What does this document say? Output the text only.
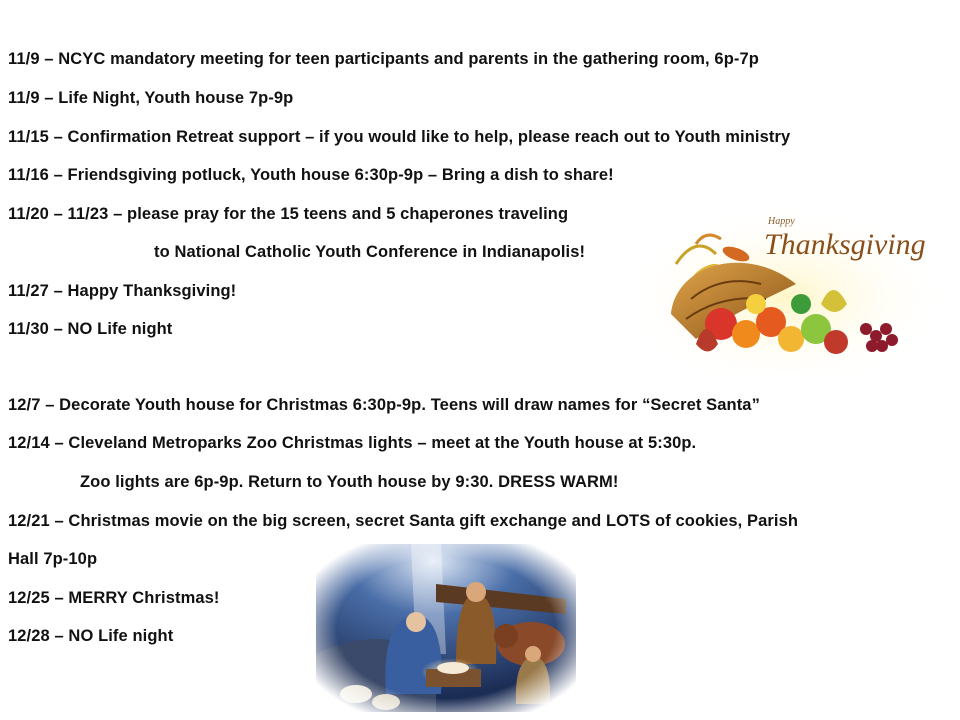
11/9 – NCYC mandatory meeting for teen participants and parents in the gathering room, 6p-7p
11/9 – Life Night, Youth house 7p-9p
11/15 – Confirmation Retreat support – if you would like to help, please reach out to Youth ministry
11/16 – Friendsgiving potluck, Youth house 6:30p-9p – Bring a dish to share!
11/20 – 11/23 – please pray for the 15 teens and 5 chaperones traveling
to National Catholic Youth Conference in Indianapolis!
11/27 – Happy Thanksgiving!
11/30 – NO Life night
12/7 – Decorate Youth house for Christmas 6:30p-9p. Teens will draw names for “Secret Santa”
12/14 – Cleveland Metroparks Zoo Christmas lights – meet at the Youth house at 5:30p.
Zoo lights are 6p-9p. Return to Youth house by 9:30. DRESS WARM!
12/21 – Christmas movie on the big screen, secret Santa gift exchange and LOTS of cookies, Parish
Hall 7p-10p
12/25 – MERRY Christmas!
12/28 – NO Life night
Happy
Thanksgiving
